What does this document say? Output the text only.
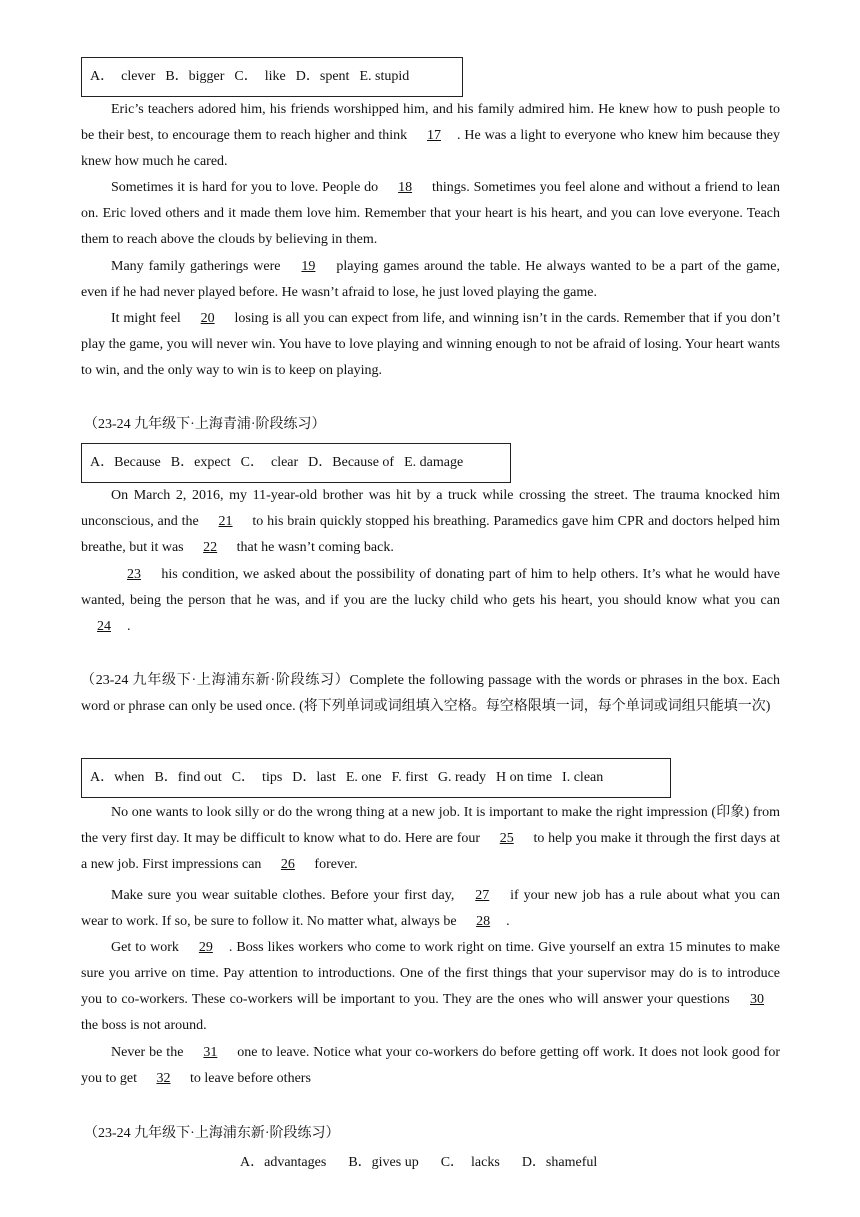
A．　clever B．bigger C．　like D．spent E. stupid
Eric’s teachers adored him, his friends worshipped him, and his family admired him. He knew how to push people to be their best, to encourage them to reach higher and think 17 . He was a light to everyone who knew him because they knew how much he cared.
Sometimes it is hard for you to love. People do 18 things. Sometimes you feel alone and without a friend to lean on. Eric loved others and it made them love him. Remember that your heart is his heart, and you can love everyone. Teach them to reach above the clouds by believing in them.
Many family gatherings were 19 playing games around the table. He always wanted to be a part of the game, even if he had never played before. He wasn’t afraid to lose, he just loved playing the game.
It might feel 20 losing is all you can expect from life, and winning isn’t in the cards. Remember that if you don’t play the game, you will never win. You have to love playing and winning enough to not be afraid of losing. Your heart wants to win, and the only way to win is to keep on playing.
（23-24 九年级下·上海青浦·阶段练习）
A．Because B．expect C．　clear D．Because of E. damage
On March 2, 2016, my 11-year-old brother was hit by a truck while crossing the street. The trauma knocked him unconscious, and the 21 to his brain quickly stopped his breathing. Paramedics gave him CPR and doctors helped him breathe, but it was 22 that he wasn’t coming back.
23 his condition, we asked about the possibility of donating part of him to help others. It’s what he would have wanted, being the person that he was, and if you are the lucky child who gets his heart, you should know what you can 24 .
（23-24 九年级下·上海浦东新·阶段练习）Complete the following passage with the words or phrases in the box. Each word or phrase can only be used once. (将下列单词或词组填入空格。每空格限填一词，每个单词或词组只能填一次)
A．when B．find out C．　tips D．last E. one F. first G. ready H on time I. clean
No one wants to look silly or do the wrong thing at a new job. It is important to make the right impression (印象) from the very first day. It may be difficult to know what to do. Here are four 25 to help you make it through the first days at a new job. First impressions can 26 forever.
Make sure you wear suitable clothes. Before your first day, 27 if your new job has a rule about what you can wear to work. If so, be sure to follow it. No matter what, always be 28 .
Get to work 29 . Boss likes workers who come to work right on time. Give yourself an extra 15 minutes to make sure you arrive on time. Pay attention to introductions. One of the first things that your supervisor may do is to introduce you to co-workers. These co-workers will be important to you. They are the ones who will answer your questions 30 the boss is not around.
Never be the 31 one to leave. Notice what your co-workers do before getting off work. It does not look good for you to get 32 to leave before others
（23-24 九年级下·上海浦东新·阶段练习）
A．advantages B．gives up C．　lacks D．shameful
